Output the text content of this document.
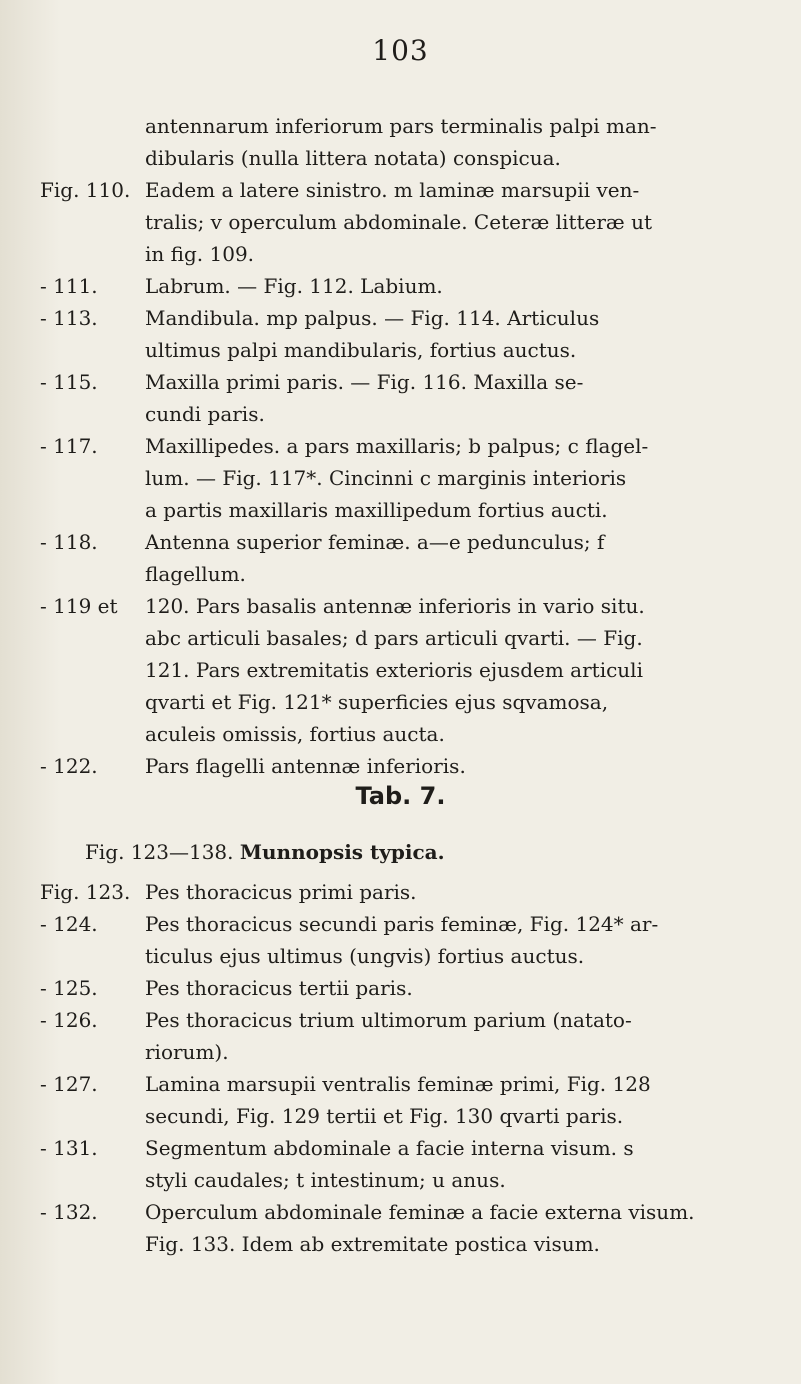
103

antennarum inferiorum pars terminalis palpi man-

dibularis (nulla littera notata) conspicua.

Fig. 110. Eadem a latere sinistro. m laminæ marsupii ven-

tralis; v operculum abdominale. Ceteræ litteræ ut

in fig. 109.

- 111.	Labrum. — Fig. 112. Labium.

- 113.	Mandibula. mp palpus. — Fig. 114. Articulus

ultimus palpi mandibularis, fortius auctus.

- 115.	Maxilla primi paris. — Fig. 116. Maxilla se-

cundi paris.

- 117.	Maxillipedes. a pars maxillaris; b palpus; c flagel-

lum. — Fig. 117*. Cincinni c marginis interioris

a partis maxillaris maxillipedum fortius aucti.

- 118.	Antenna superior feminæ. a—e pedunculus; f

flagellum.

- 119 et	120. Pars basalis antennæ inferioris in vario situ.

abc articuli basales; d pars articuli qvarti. — Fig.

121. Pars extremitatis exterioris ejusdem articuli

qvarti et Fig. 121* superficies ejus sqvamosa,

aculeis omissis, fortius aucta.

- 122.	Pars flagelli antennæ inferioris.

Tab. 7.
Fig. 123—138. Munnopsis typica.
Fig. 123. Pes thoracicus primi paris.

- 124.	Pes thoracicus secundi paris feminæ, Fig. 124* ar-

ticulus ejus ultimus (ungvis) fortius auctus.

- 125.	Pes thoracicus tertii paris.

- 126.	Pes thoracicus trium ultimorum parium (natato-

riorum).

- 127.	Lamina marsupii ventralis feminæ primi, Fig. 128

secundi, Fig. 129 tertii et Fig. 130 qvarti paris.

- 131.	Segmentum abdominale a facie interna visum. s

styli caudales; t intestinum; u anus.

- 132.	Operculum abdominale feminæ a facie externa visum.

Fig. 133. Idem ab extremitate postica visum.
